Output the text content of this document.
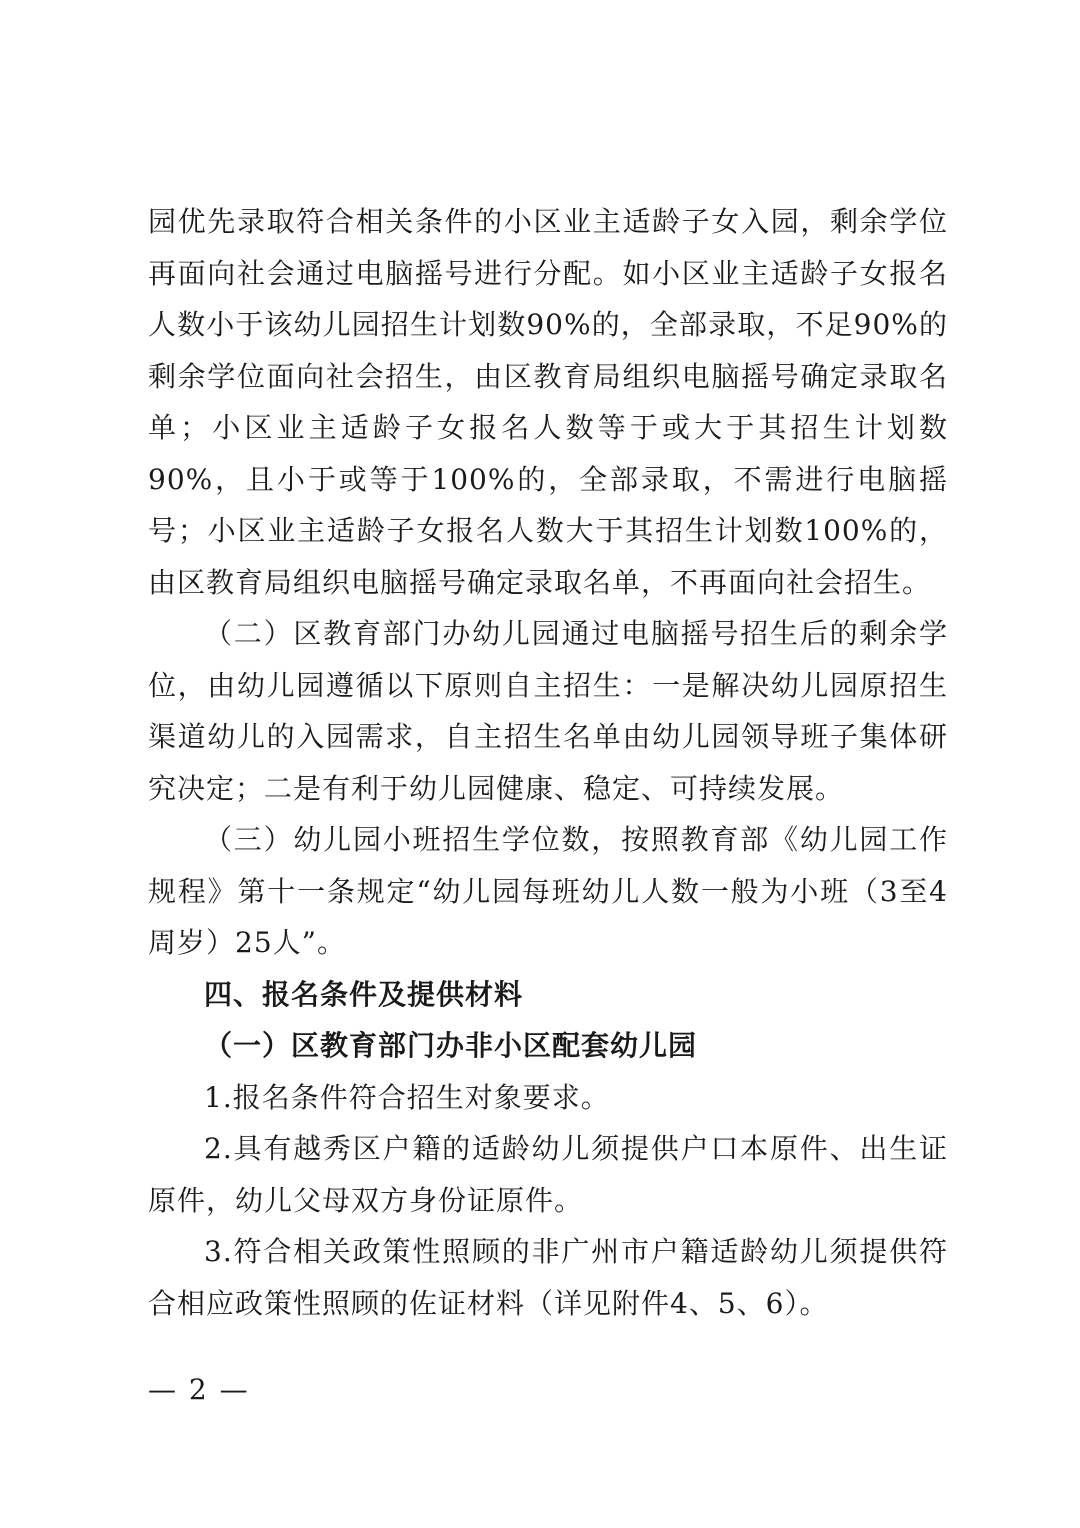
园优先录取符合相关条件的小区业主适龄子女入园，剩余学位再面向社会通过电脑摇号进行分配。如小区业主适龄子女报名人数小于该幼儿园招生计划数90%的，全部录取，不足90%的剩余学位面向社会招生，由区教育局组织电脑摇号确定录取名单；小区业主适龄子女报名人数等于或大于其招生计划数90%，且小于或等于100%的，全部录取，不需进行电脑摇号；小区业主适龄子女报名人数大于其招生计划数100%的，由区教育局组织电脑摇号确定录取名单，不再面向社会招生。

（二）区教育部门办幼儿园通过电脑摇号招生后的剩余学位，由幼儿园遵循以下原则自主招生：一是解决幼儿园原招生渠道幼儿的入园需求，自主招生名单由幼儿园领导班子集体研究决定；二是有利于幼儿园健康、稳定、可持续发展。

（三）幼儿园小班招生学位数，按照教育部《幼儿园工作规程》第十一条规定“幼儿园每班幼儿人数一般为小班（3至4周岁）25人”。

四、报名条件及提供材料

（一）区教育部门办非小区配套幼儿园

1.报名条件符合招生对象要求。

2.具有越秀区户籍的适龄幼儿须提供户口本原件、出生证原件，幼儿父母双方身份证原件。

3.符合相关政策性照顾的非广州市户籍适龄幼儿须提供符合相应政策性照顾的佐证材料（详见附件4、5、6）。

— 2 —
